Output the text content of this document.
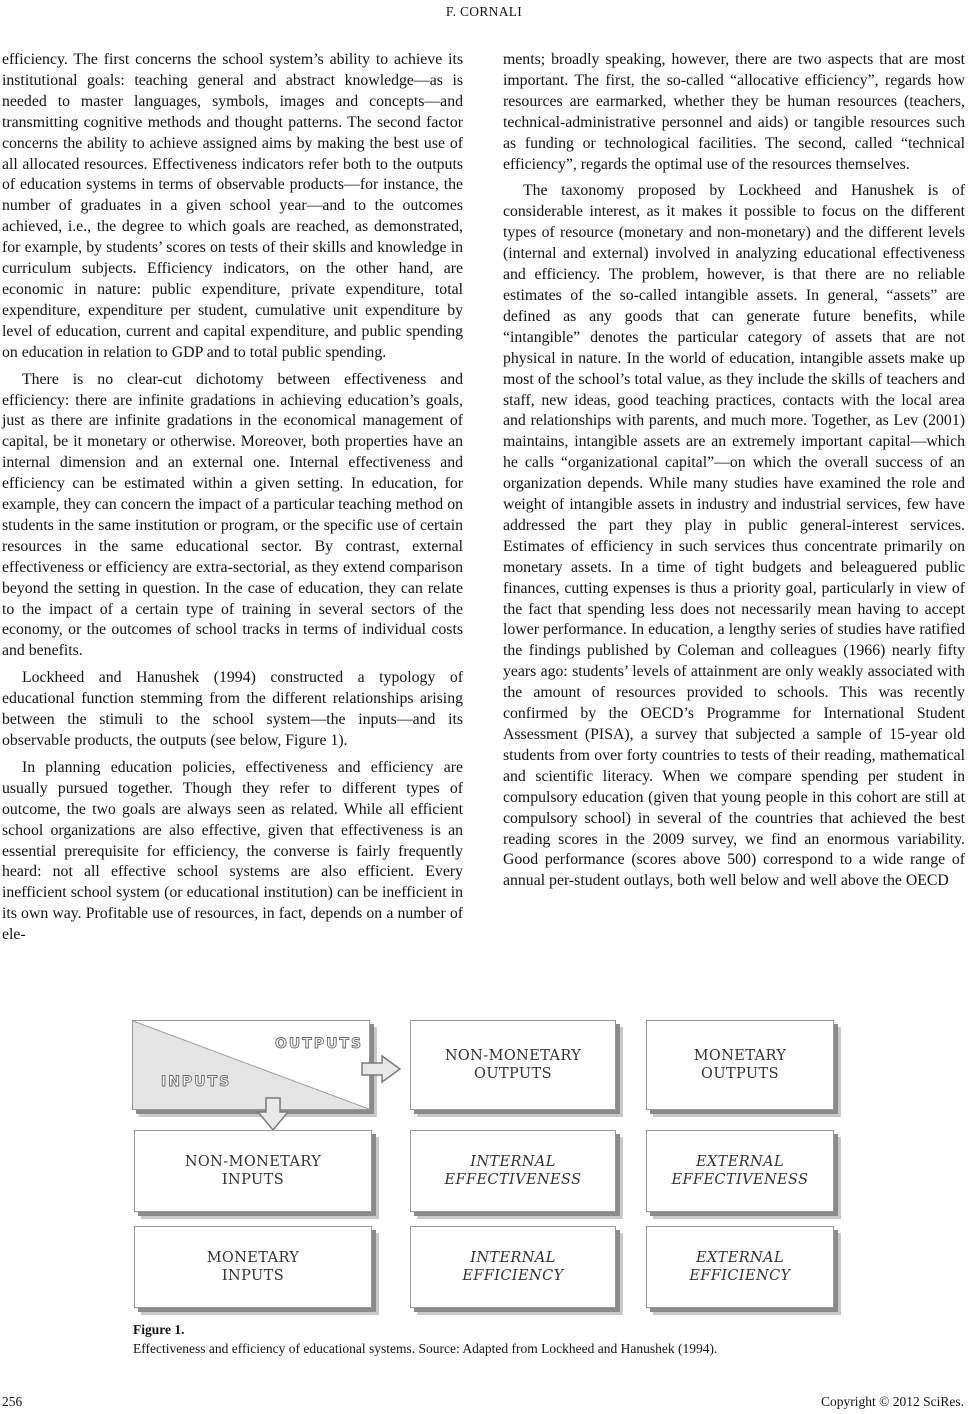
F. CORNALI

efficiency. The first concerns the school system’s ability to achieve its institutional goals: teaching general and abstract knowledge—as is needed to master languages, symbols, images and concepts—and transmitting cognitive methods and thought patterns. The second factor concerns the ability to achieve assigned aims by making the best use of all allocated resources. Effectiveness indicators refer both to the outputs of education systems in terms of observable products—for instance, the number of graduates in a given school year—and to the outcomes achieved, i.e., the degree to which goals are reached, as demonstrated, for example, by students’ scores on tests of their skills and knowledge in curriculum subjects. Efficiency indicators, on the other hand, are economic in nature: public expenditure, private expenditure, total expenditure, expenditure per student, cumulative unit expenditure by level of education, current and capital expenditure, and public spending on education in relation to GDP and to total public spending.

There is no clear-cut dichotomy between effectiveness and efficiency: there are infinite gradations in achieving education’s goals, just as there are infinite gradations in the economical management of capital, be it monetary or otherwise. Moreover, both properties have an internal dimension and an external one. Internal effectiveness and efficiency can be estimated within a given setting. In education, for example, they can concern the impact of a particular teaching method on students in the same institution or program, or the specific use of certain resources in the same educational sector. By contrast, external effectiveness or efficiency are extra-sectorial, as they extend comparison beyond the setting in question. In the case of education, they can relate to the impact of a certain type of training in several sectors of the economy, or the outcomes of school tracks in terms of individual costs and benefits.

Lockheed and Hanushek (1994) constructed a typology of educational function stemming from the different relationships arising between the stimuli to the school system—the inputs—and its observable products, the outputs (see below, Figure 1).

In planning education policies, effectiveness and efficiency are usually pursued together. Though they refer to different types of outcome, the two goals are always seen as related. While all efficient school organizations are also effective, given that effectiveness is an essential prerequisite for efficiency, the converse is fairly frequently heard: not all effective school systems are also efficient. Every inefficient school system (or educational institution) can be inefficient in its own way. Profitable use of resources, in fact, depends on a number of ele-

ments; broadly speaking, however, there are two aspects that are most important. The first, the so-called “allocative efficiency”, regards how resources are earmarked, whether they be human resources (teachers, technical-administrative personnel and aids) or tangible resources such as funding or technological facilities. The second, called “technical efficiency”, regards the optimal use of the resources themselves.

The taxonomy proposed by Lockheed and Hanushek is of considerable interest, as it makes it possible to focus on the different types of resource (monetary and non-monetary) and the different levels (internal and external) involved in analyzing educational effectiveness and efficiency. The problem, however, is that there are no reliable estimates of the so-called intangible assets. In general, “assets” are defined as any goods that can generate future benefits, while “intangible” denotes the particular category of assets that are not physical in nature. In the world of education, intangible assets make up most of the school’s total value, as they include the skills of teachers and staff, new ideas, good teaching practices, contacts with the local area and relationships with parents, and much more. Together, as Lev (2001) maintains, intangible assets are an extremely important capital—which he calls “organizational capital”—on which the overall success of an organization depends. While many studies have examined the role and weight of intangible assets in industry and industrial services, few have addressed the part they play in public general-interest services. Estimates of efficiency in such services thus concentrate primarily on monetary assets. In a time of tight budgets and beleaguered public finances, cutting expenses is thus a priority goal, particularly in view of the fact that spending less does not necessarily mean having to accept lower performance. In education, a lengthy series of studies have ratified the findings published by Coleman and colleagues (1966) nearly fifty years ago: students’ levels of attainment are only weakly associated with the amount of resources provided to schools. This was recently confirmed by the OECD’s Programme for International Student Assessment (PISA), a survey that subjected a sample of 15-year old students from over forty countries to tests of their reading, mathematical and scientific literacy. When we compare spending per student in compulsory education (given that young people in this cohort are still at compulsory school) in several of the countries that achieved the best reading scores in the 2009 survey, we find an enormous variability. Good performance (scores above 500) correspond to a wide range of annual per-student outlays, both well below and well above the OECD

OUTPUTS
INPUTS
NON-MONETARY
OUTPUTS
MONETARY
OUTPUTS
NON-MONETARY
INPUTS
INTERNAL
EFFECTIVENESS
EXTERNAL
EFFECTIVENESS
MONETARY
INPUTS
INTERNAL
EFFICIENCY
EXTERNAL
EFFICIENCY
Figure 1.
Effectiveness and efficiency of educational systems. Source: Adapted from Lockheed and Hanushek (1994).
256	Copyright © 2012 SciRes.
